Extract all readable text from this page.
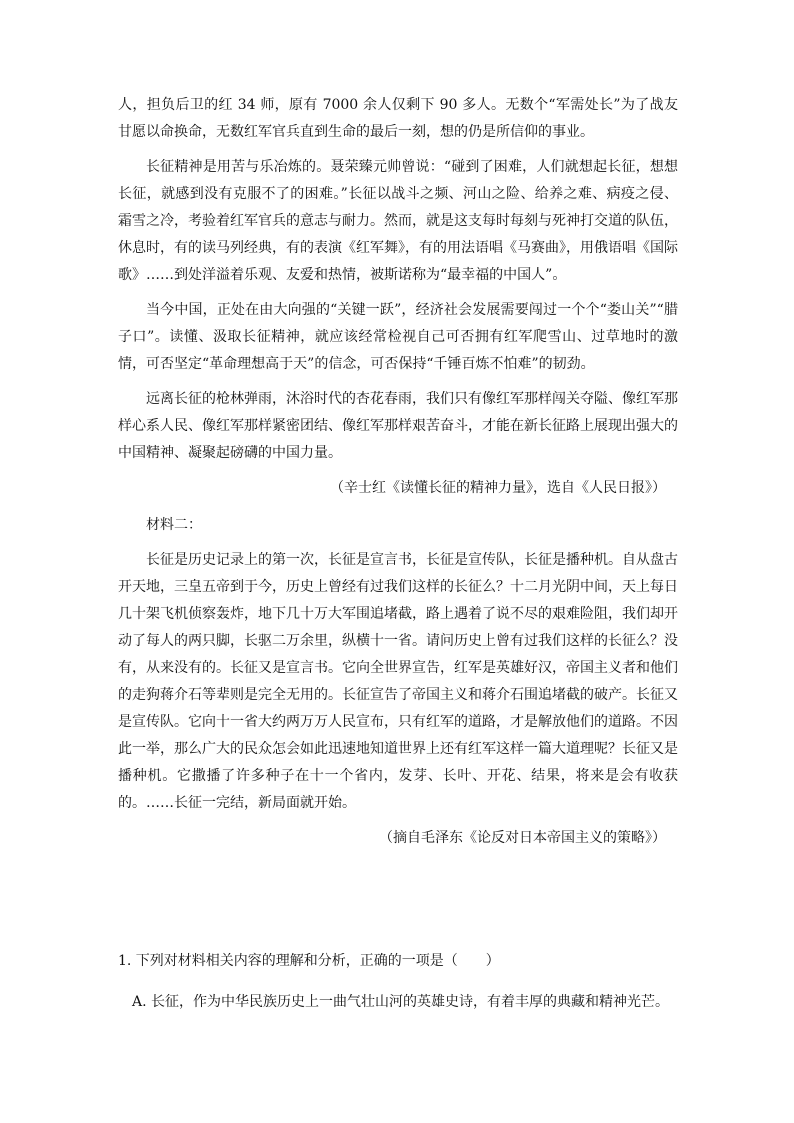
人，担负后卫的红 34 师，原有 7000 余人仅剩下 90 多人。无数个“军需处长”为了战友甘愿以命换命，无数红军官兵直到生命的最后一刻，想的仍是所信仰的事业。

长征精神是用苦与乐冶炼的。聂荣臻元帅曾说：“碰到了困难，人们就想起长征，想想长征，就感到没有克服不了的困难。”长征以战斗之频、河山之险、给养之难、病疫之侵、霜雪之冷，考验着红军官兵的意志与耐力。然而，就是这支每时每刻与死神打交道的队伍，休息时，有的读马列经典，有的表演《红军舞》，有的用法语唱《马赛曲》，用俄语唱《国际歌》……到处洋溢着乐观、友爱和热情，被斯诺称为“最幸福的中国人”。

当今中国，正处在由大向强的“关键一跃”，经济社会发展需要闯过一个个“娄山关”“腊子口”。读懂、汲取长征精神，就应该经常检视自己可否拥有红军爬雪山、过草地时的激情，可否坚定“革命理想高于天”的信念，可否保持“千锤百炼不怕难”的韧劲。

远离长征的枪林弹雨，沐浴时代的杏花春雨，我们只有像红军那样闯关夺隘、像红军那样心系人民、像红军那样紧密团结、像红军那样艰苦奋斗，才能在新长征路上展现出强大的中国精神、凝聚起磅礴的中国力量。

（辛士红《读懂长征的精神力量》，选自《人民日报》）

材料二：

长征是历史记录上的第一次，长征是宣言书，长征是宣传队，长征是播种机。自从盘古开天地，三皇五帝到于今，历史上曾经有过我们这样的长征么？十二月光阴中间，天上每日几十架飞机侦察轰炸，地下几十万大军围追堵截，路上遇着了说不尽的艰难险阻，我们却开动了每人的两只脚，长驱二万余里，纵横十一省。请问历史上曾有过我们这样的长征么？没有，从来没有的。长征又是宣言书。它向全世界宣告，红军是英雄好汉，帝国主义者和他们的走狗蒋介石等辈则是完全无用的。长征宣告了帝国主义和蒋介石围追堵截的破产。长征又是宣传队。它向十一省大约两万万人民宣布，只有红军的道路，才是解放他们的道路。不因此一举，那么广大的民众怎会如此迅速地知道世界上还有红军这样一篇大道理呢？长征又是播种机。它撒播了许多种子在十一个省内，发芽、长叶、开花、结果，将来是会有收获的。……长征一完结，新局面就开始。

（摘自毛泽东《论反对日本帝国主义的策略》）

1. 下列对材料相关内容的理解和分析，正确的一项是（　　）

A. 长征，作为中华民族历史上一曲气壮山河的英雄史诗，有着丰厚的典藏和精神光芒。
